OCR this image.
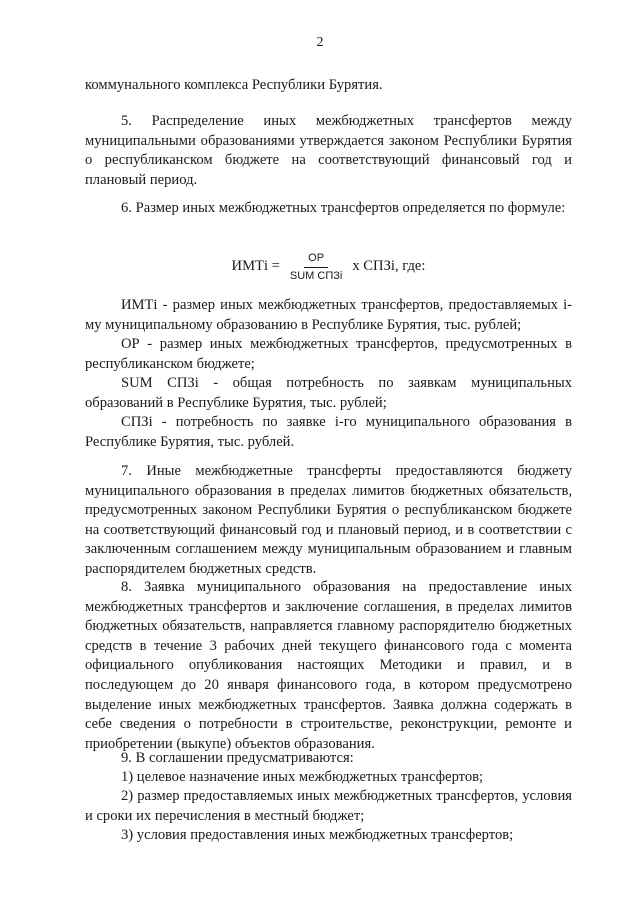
2

коммунального комплекса Республики Бурятия.

5. Распределение иных межбюджетных трансфертов между муниципальными образованиями утверждается законом Республики Бурятия о республиканском бюджете на соответствующий финансовый год и плановый период.

6. Размер иных межбюджетных трансфертов определяется по формуле:

ИМТi = $\frac{ОР}{\text{SUM СПЗi}}$ х СПЗi, где:

ИМТi - размер иных межбюджетных трансфертов, предоставляемых i-му муниципальному образованию в Республике Бурятия, тыс. рублей;

ОР - размер иных межбюджетных трансфертов, предусмотренных в республиканском бюджете;

SUM СПЗi - общая потребность по заявкам муниципальных образований в Республике Бурятия, тыс. рублей;

СПЗi - потребность по заявке i-го муниципального образования в Республике Бурятия, тыс. рублей.

7. Иные межбюджетные трансферты предоставляются бюджету муниципального образования в пределах лимитов бюджетных обязательств, предусмотренных законом Республики Бурятия о республиканском бюджете на соответствующий финансовый год и плановый период, и в соответствии с заключенным соглашением между муниципальным образованием и главным распорядителем бюджетных средств.

8. Заявка муниципального образования на предоставление иных межбюджетных трансфертов и заключение соглашения, в пределах лимитов бюджетных обязательств, направляется главному распорядителю бюджетных средств в течение 3 рабочих дней текущего финансового года с момента официального опубликования настоящих Методики и правил, и в последующем до 20 января финансового года, в котором предусмотрено выделение иных межбюджетных трансфертов. Заявка должна содержать в себе сведения о потребности в строительстве, реконструкции, ремонте и приобретении (выкупе) объектов образования.

9. В соглашении предусматриваются:

1) целевое назначение иных межбюджетных трансфертов;

2) размер предоставляемых иных межбюджетных трансфертов, условия и сроки их перечисления в местный бюджет;

3) условия предоставления иных межбюджетных трансфертов;
